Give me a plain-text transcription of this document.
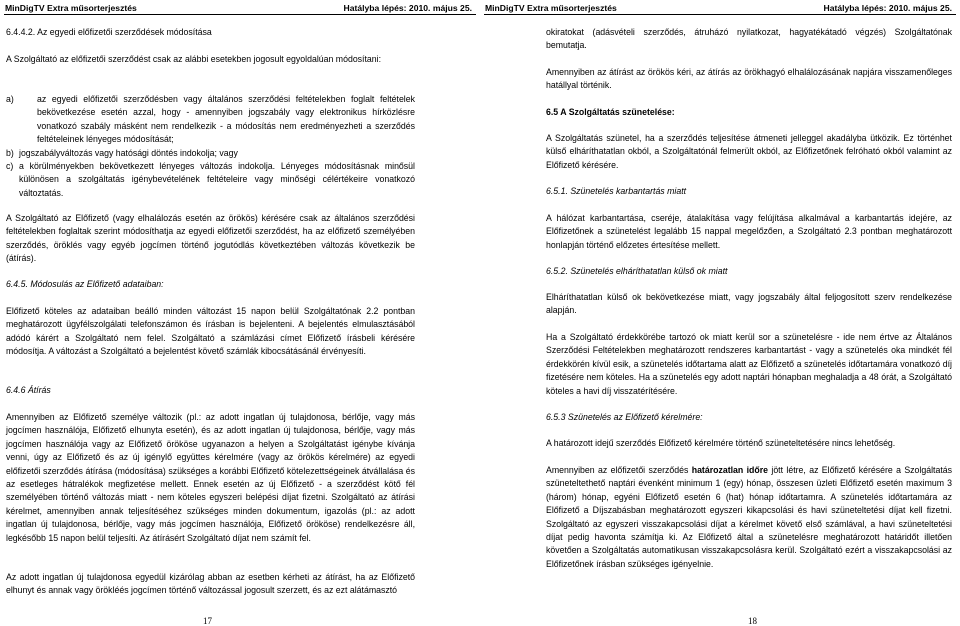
MinDigTV Extra műsorterjesztés	Hatályba lépés: 2010. május 25.

6.4.4.2. Az egyedi előfizetői szerződések módosítása

A Szolgáltató az előfizetői szerződést csak az alábbi esetekben jogosult egyoldalúan módosítani:

a)	az egyedi előfizetői szerződésben vagy általános szerződési feltételekben foglalt feltételek bekövetkezése esetén azzal, hogy - amennyiben jogszabály vagy elektronikus hírközlésre vonatkozó szabály másként nem rendelkezik - a módosítás nem eredményezheti a szerződés feltételeinek lényeges módosítását;
b) jogszabályváltozás vagy hatósági döntés indokolja; vagy
c) a körülményekben bekövetkezett lényeges változás indokolja. Lényeges módosításnak minősül különösen a szolgáltatás igénybevételének feltételeire vagy minőségi célértékeire vonatkozó változtatás.

A Szolgáltató az Előfizető (vagy elhalálozás esetén az örökös) kérésére csak az általános szerződési feltételekben foglaltak szerint módosíthatja az egyedi előfizetői szerződést, ha az előfizető személyében szerződés, öröklés vagy egyéb jogcímen történő jogutódlás következtében változás következik be (átírás).

6.4.5. Módosulás az Előfizető adataiban:

Előfizető köteles az adataiban beálló minden változást 15 napon belül Szolgáltatónak 2.2 pontban meghatározott ügyfélszolgálati telefonszámon és írásban is bejelenteni. A bejelentés elmulasztásából adódó kárért a Szolgáltató nem felel. Szolgáltató a számlázási címet Előfizető írásbeli kérésére módosítja. A változást a Szolgáltató a bejelentést követő számlák kibocsátásánál érvényesíti.

6.4.6 Átírás

Amennyiben az Előfizető személye változik (pl.: az adott ingatlan új tulajdonosa, bérlője, vagy más jogcímen használója, Előfizető elhunyta esetén), és az adott ingatlan új tulajdonosa, bérlője, vagy más jogcímen használója vagy az Előfizető örököse ugyanazon a helyen a Szolgáltatást igénybe kívánja venni, úgy az Előfizető és az új igénylő együttes kérelmére (vagy az örökös kérelmére) az egyedi előfizetői szerződés átírása (módosítása) szükséges a korábbi Előfizető kötelezettségeinek átvállalása és az esetleges hátralékok megfizetése mellett. Ennek esetén az új Előfizető - a szerződést kötő fél személyében történő változás miatt - nem köteles egyszeri belépési díjat fizetni. Szolgáltató az átírási kérelmet, amennyiben annak teljesítéséhez szükséges minden dokumentum, igazolás (pl.: az adott ingatlan új tulajdonosa, bérlője, vagy más jogcímen használója, Előfizető örököse) rendelkezésre áll, legkésőbb 15 napon belül teljesíti. Az átírásért Szolgáltató díjat nem számít fel.

Az adott ingatlan új tulajdonosa egyedül kizárólag abban az esetben kérheti az átírást, ha az Előfizető elhunyt és annak vagy örökléés jogcímen történő változással jogosult szerzett, és az ezt alátámasztó

17
MinDigTV Extra műsorterjesztés	Hatályba lépés: 2010. május 25.

okiratokat (adásvételi szerződés, átruházó nyilatkozat, hagyatékátadó végzés) Szolgáltatónak bemutatja.

Amennyiben az átírást az örökös kéri, az átírás az örökhagyó elhalálozásának napjára visszamenőleges hatállyal történik.

6.5 A Szolgáltatás szünetelése:

A Szolgáltatás szünetel, ha a szerződés teljesítése átmeneti jelleggel akadályba ütközik. Ez történhet külső elháríthatatlan okból, a Szolgáltatónál felmerült okból, az Előfizetőnek felróható okból valamint az Előfizető kérésére.

6.5.1. Szünetelés karbantartás miatt

A hálózat karbantartása, cseréje, átalakítása vagy felújítása alkalmával a karbantartás idejére, az Előfizetőnek a szünetelést legalább 15 nappal megelőzően, a Szolgáltató 2.3 pontban meghatározott honlapján történő előzetes értesítése mellett.

6.5.2. Szünetelés elháríthatatlan külső ok miatt

Elháríthatatlan külső ok bekövetkezése miatt, vagy jogszabály által feljogosított szerv rendelkezése alapján.

Ha a Szolgáltató érdekkörébe tartozó ok miatt kerül sor a szünetelésre - ide nem értve az Általános Szerződési Feltételekben meghatározott rendszeres karbantartást - vagy a szünetelés oka mindkét fél érdekkörén kívül esik, a szünetelés időtartama alatt az Előfizető a szünetelés időtartamára vonatkozó díj fizetésére nem köteles. Ha a szünetelés egy adott naptári hónapban meghaladja a 48 órát, a Szolgáltató köteles a havi díj visszatérítésére.

6.5.3 Szünetelés az Előfizető kérelmére:

A határozott idejű szerződés Előfizető kérelmére történő szüneteltetésére nincs lehetőség.

Amennyiben az előfizetői szerződés határozatlan időre jött létre, az Előfizető kérésére a Szolgáltatás szüneteltethető naptári évenként minimum 1 (egy) hónap, összesen üzleti Előfizető esetén maximum 3 (három) hónap, egyéni Előfizető esetén 6 (hat) hónap időtartamra. A szünetelés időtartamára az Előfizető a Díjszabásban meghatározott egyszeri kikapcsolási és havi szüneteltetési díjat kell fizetni. Szolgáltató az egyszeri visszakapcsolási díjat a kérelmet követő első számlával, a havi szüneteltetési díjat pedig havonta számítja ki. Az Előfizető által a szünetelésre meghatározott határidőt illetően követően a Szolgáltatás automatikusan visszakapcsolásra kerül. Szolgáltató ezért a visszakapcsolási az Előfizetőnek írásban szükséges igényelnie.

18
